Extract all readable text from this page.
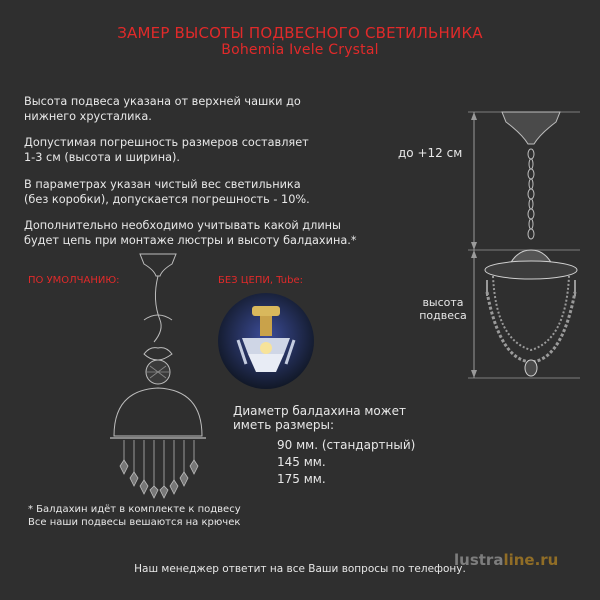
ЗАМЕР ВЫСОТЫ ПОДВЕСНОГО СВЕТИЛЬНИКА
Bohemia Ivele Crystal
Высота подвеса указана от верхней чашки до
нижнего хрусталика.
Допустимая погрешность размеров составляет
1-3 см (высота и ширина).
В параметрах указан чистый вес светильника
(без коробки), допускается погрешность - 10%.
Дополнительно необходимо учитывать какой длины
будет цепь при монтаже люстры и высоту балдахина.*
до +12 см
высота
подвеса
ПО УМОЛЧАНИЮ:	БЕЗ ЦЕПИ, Tube:
Диаметр балдахина может
иметь размеры:
90 мм. (стандартный)
145 мм.
175 мм.
* Балдахин идёт в комплекте к подвесу
Все наши подвесы вешаются на крючек
lustraline.ru
Наш менеджер ответит на все Ваши вопросы по телефону.
